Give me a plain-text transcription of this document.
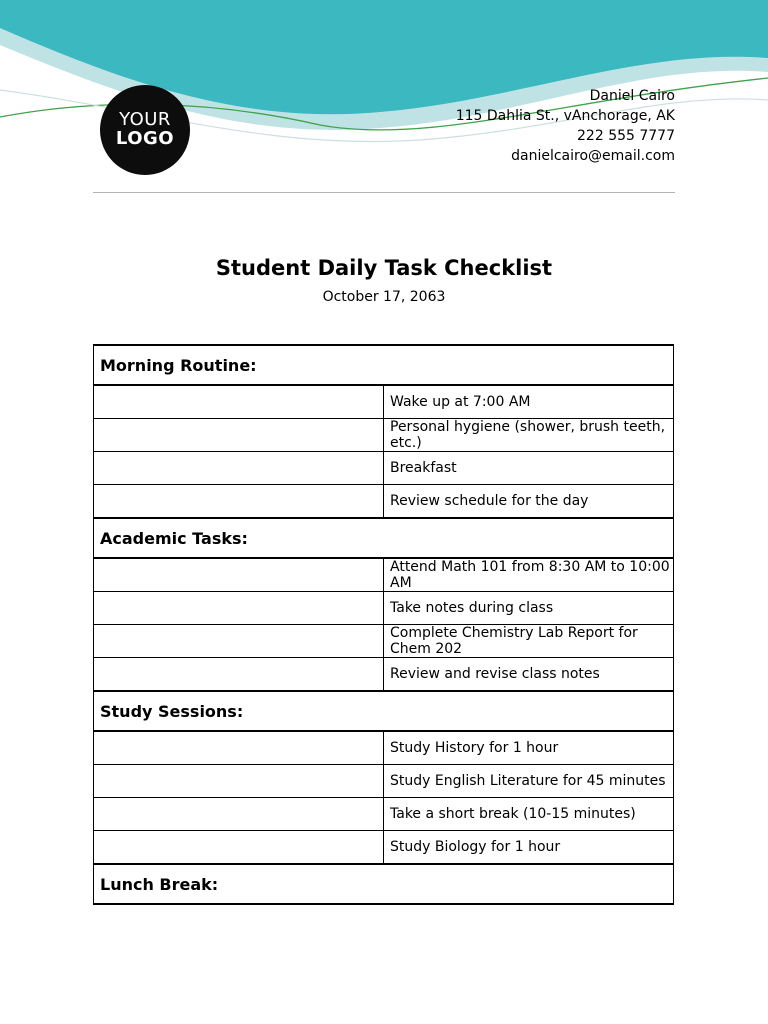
YOUR
LOGO
Daniel Cairo
115 Dahlia St., vAnchorage, AK
222 555 7777
danielcairo@email.com
Student Daily Task Checklist
October 17, 2063
Morning Routine:	
	Wake up at 7:00 AM
	Personal hygiene (shower, brush teeth, etc.)
	Breakfast
	Review schedule for the day
Academic Tasks:	
	Attend Math 101 from 8:30 AM to 10:00 AM
	Take notes during class
	Complete Chemistry Lab Report for Chem 202
	Review and revise class notes
Study Sessions:	
	Study History for 1 hour
	Study English Literature for 45 minutes
	Take a short break (10-15 minutes)
	Study Biology for 1 hour
Lunch Break:	
